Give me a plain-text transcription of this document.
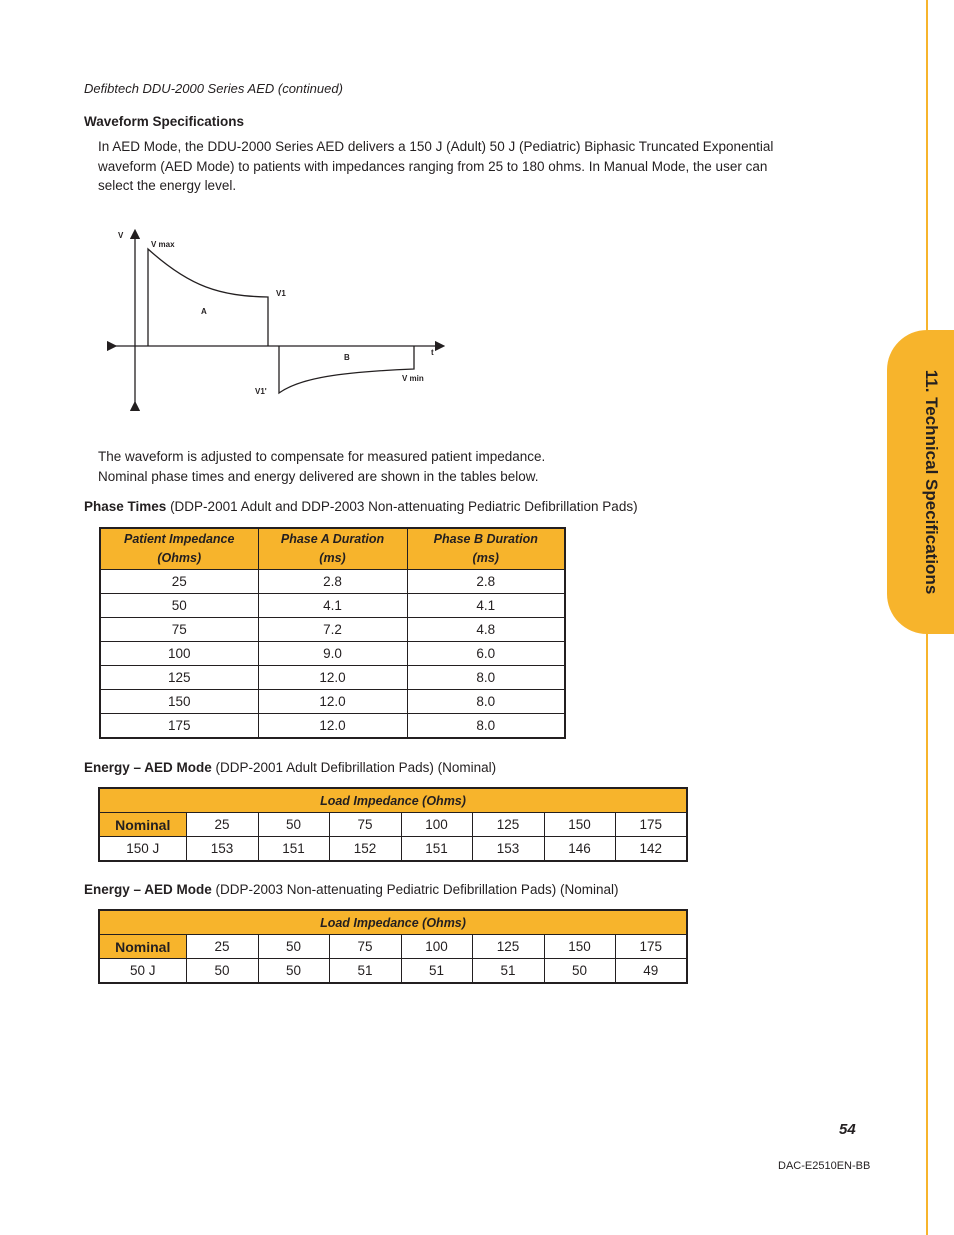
11. Technical Specifications
Defibtech DDU-2000 Series AED (continued)
Waveform Specifications

In AED Mode, the DDU-2000 Series AED delivers a 150 J (Adult) 50 J (Pediatric) Biphasic Truncated Exponential

waveform (AED Mode) to patients with impedances ranging from 25 to 180 ohms. In Manual Mode, the user can

select the energy level.

V
V max
V1
A
B
t
V1'
V min

The waveform is adjusted to compensate for measured patient impedance.

Nominal phase times and energy delivered are shown in the tables below.

Phase Times (DDP-2001 Adult and DDP-2003 Non-attenuating Pediatric Defibrillation Pads)
Patient Impedance
(Ohms)	Phase A Duration
(ms)	Phase B Duration
(ms)
25	2.8	2.8
50	4.1	4.1
75	7.2	4.8
100	9.0	6.0
125	12.0	8.0
150	12.0	8.0
175	12.0	8.0
Energy – AED Mode (DDP-2001 Adult Defibrillation Pads) (Nominal)
Load Impedance (Ohms)							
Nominal	25	50	75	100	125	150	175
150 J	153	151	152	151	153	146	142
Energy – AED Mode (DDP-2003 Non-attenuating Pediatric Defibrillation Pads) (Nominal)
Load Impedance (Ohms)							
Nominal	25	50	75	100	125	150	175
50 J	50	50	51	51	51	50	49
54
DAC-E2510EN-BB
